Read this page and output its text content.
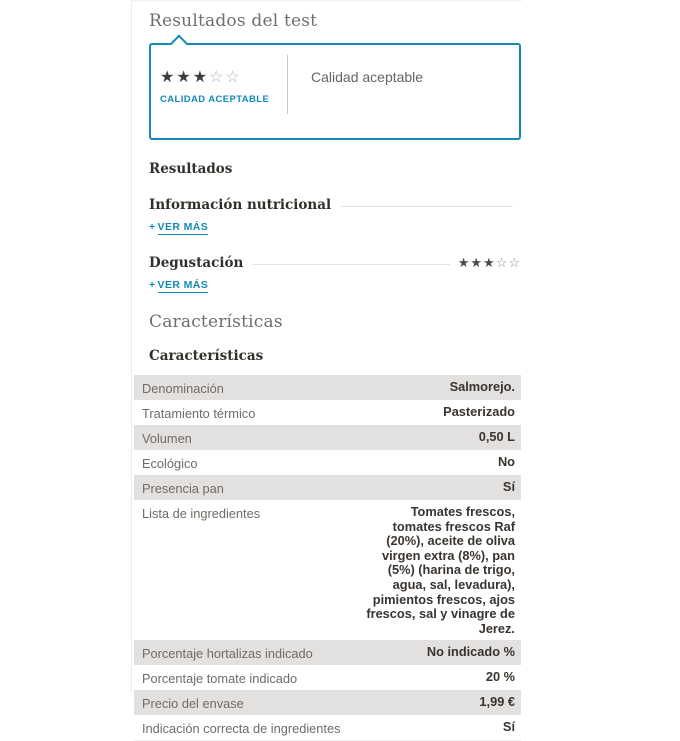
Resultados del test
★★★☆☆
CALIDAD ACEPTABLE
Calidad aceptable
Resultados
Información nutricional
+ VER MÁS
Degustación	★★★☆☆
+ VER MÁS
Características
Características
Denominación	Salmorejo.
Tratamiento térmico	Pasterizado
Volumen	0,50 L
Ecológico	No
Presencia pan	Sí
Lista de ingredientes	Tomates frescos, tomates frescos Raf (20%), aceite de oliva virgen extra (8%), pan (5%) (harina de trigo, agua, sal, levadura), pimientos frescos, ajos frescos, sal y vinagre de Jerez.
Porcentaje hortalizas indicado	No indicado %
Porcentaje tomate indicado	20 %
Precio del envase	1,99 €
Indicación correcta de ingredientes	Sí
